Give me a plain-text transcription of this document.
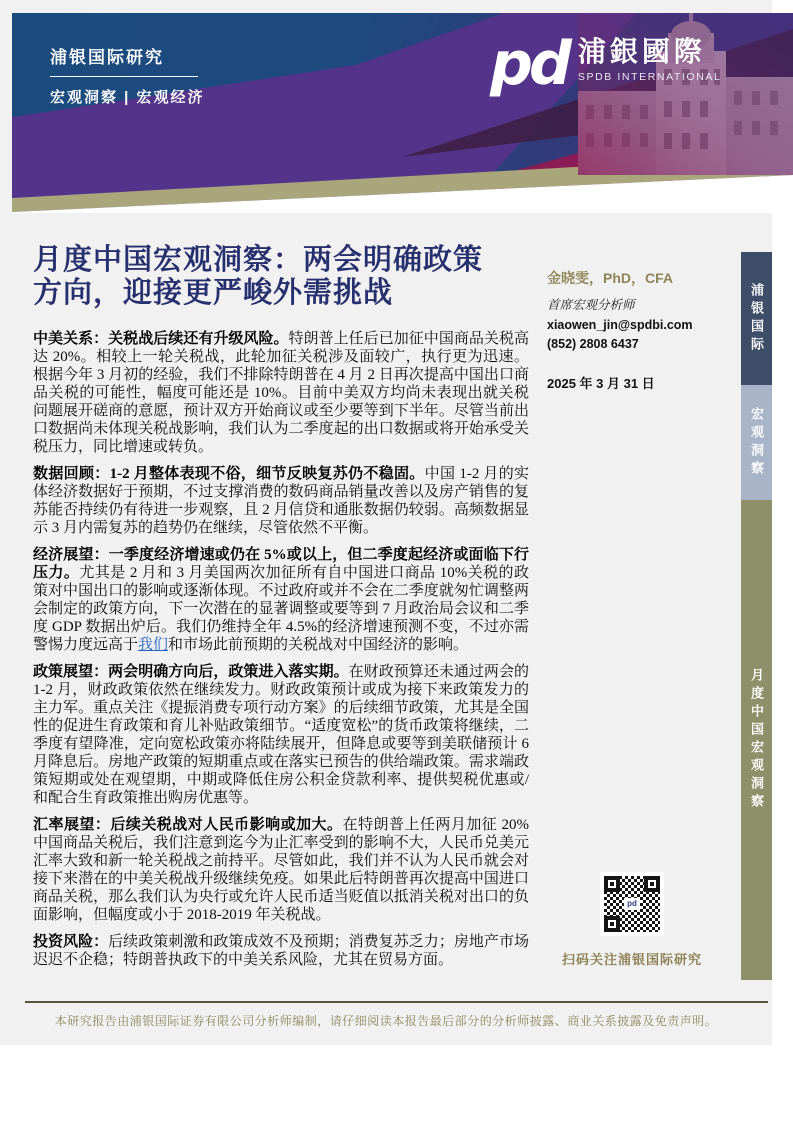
浦银国际研究
宏观洞察 | 宏观经济	pd 浦銀國際
SPDB INTERNATIONAL
月度中国宏观洞察：两会明确政策
方向，迎接更严峻外需挑战

中美关系：关税战后续还有升级风险。特朗普上任后已加征中国商品关税高达 20%。相较上一轮关税战，此轮加征关税涉及面较广，执行更为迅速。根据今年 3 月初的经验，我们不排除特朗普在 4 月 2 日再次提高中国出口商品关税的可能性，幅度可能还是 10%。目前中美双方均尚未表现出就关税问题展开磋商的意愿，预计双方开始商议或至少要等到下半年。尽管当前出口数据尚未体现关税战影响，我们认为二季度起的出口数据或将开始承受关税压力，同比增速或转负。

数据回顾：1-2 月整体表现不俗，细节反映复苏仍不稳固。中国 1-2 月的实体经济数据好于预期，不过支撑消费的数码商品销量改善以及房产销售的复苏能否持续仍有待进一步观察，且 2 月信贷和通胀数据仍较弱。高频数据显示 3 月内需复苏的趋势仍在继续，尽管依然不平衡。

经济展望：一季度经济增速或仍在 5%或以上，但二季度起经济或面临下行压力。尤其是 2 月和 3 月美国两次加征所有自中国进口商品 10%关税的政策对中国出口的影响或逐渐体现。不过政府或并不会在二季度就匆忙调整两会制定的政策方向，下一次潜在的显著调整或要等到 7 月政治局会议和二季度 GDP 数据出炉后。我们仍维持全年 4.5%的经济增速预测不变，不过亦需警惕力度远高于我们和市场此前预期的关税战对中国经济的影响。

政策展望：两会明确方向后，政策进入落实期。在财政预算还未通过两会的 1-2 月，财政政策依然在继续发力。财政政策预计或成为接下来政策发力的主力军。重点关注《提振消费专项行动方案》的后续细节政策，尤其是全国性的促进生育政策和育儿补贴政策细节。“适度宽松”的货币政策将继续，二季度有望降准，定向宽松政策亦将陆续展开，但降息或要等到美联储预计 6 月降息后。房地产政策的短期重点或在落实已预告的供给端政策。需求端政策短期或处在观望期，中期或降低住房公积金贷款利率、提供契税优惠或/和配合生育政策推出购房优惠等。

汇率展望：后续关税战对人民币影响或加大。在特朗普上任两月加征 20%中国商品关税后，我们注意到迄今为止汇率受到的影响不大，人民币兑美元汇率大致和新一轮关税战之前持平。尽管如此，我们并不认为人民币就会对接下来潜在的中美关税战升级继续免疫。如果此后特朗普再次提高中国进口商品关税，那么我们认为央行或允许人民币适当贬值以抵消关税对出口的负面影响，但幅度或小于 2018-2019 年关税战。

投资风险：后续政策刺激和政策成效不及预期；消费复苏乏力；房地产市场迟迟不企稳；特朗普执政下的中美关系风险，尤其在贸易方面。

金晓雯，PhD，CFA
首席宏观分析师
xiaowen_jin@spdbi.com
(852) 2808 6437
2025 年 3 月 31 日
pd
扫码关注浦银国际研究
浦银国际
宏观洞察
月度中国宏观洞察
本研究报告由浦银国际证券有限公司分析师编制，请仔细阅读本报告最后部分的分析师披露、商业关系披露及免责声明。
